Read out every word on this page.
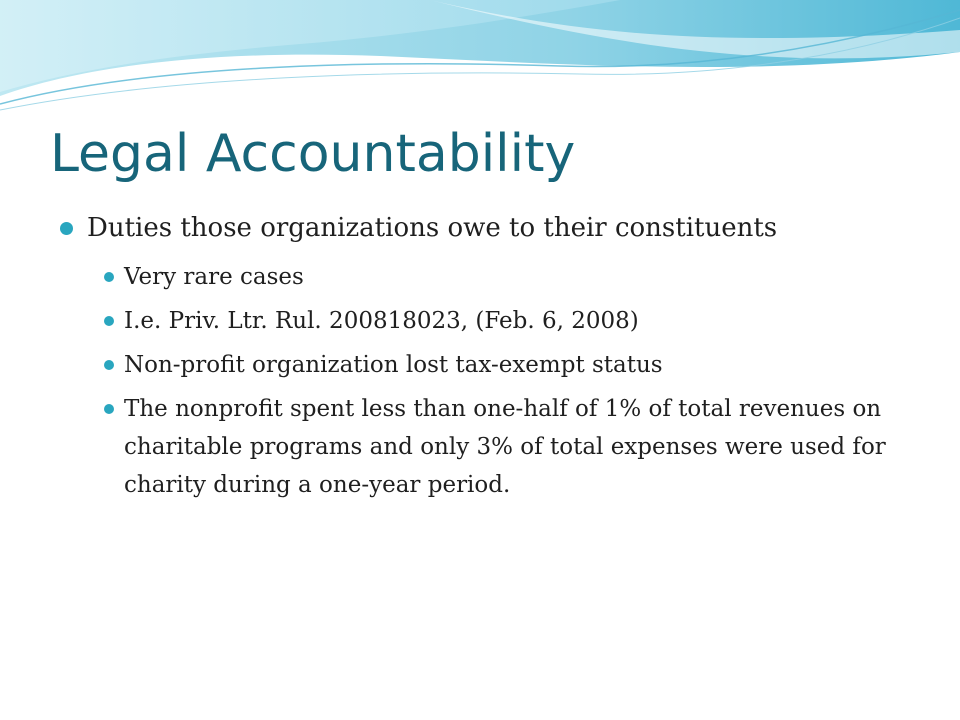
Legal Accountability
Duties those organizations owe to their constituents
Very rare cases
I.e. Priv. Ltr. Rul. 200818023, (Feb. 6, 2008)
Non-profit organization lost tax-exempt status
The nonprofit spent less than one-half of 1% of total revenues on charitable programs and only 3% of total expenses were used for charity during a one-year period.
